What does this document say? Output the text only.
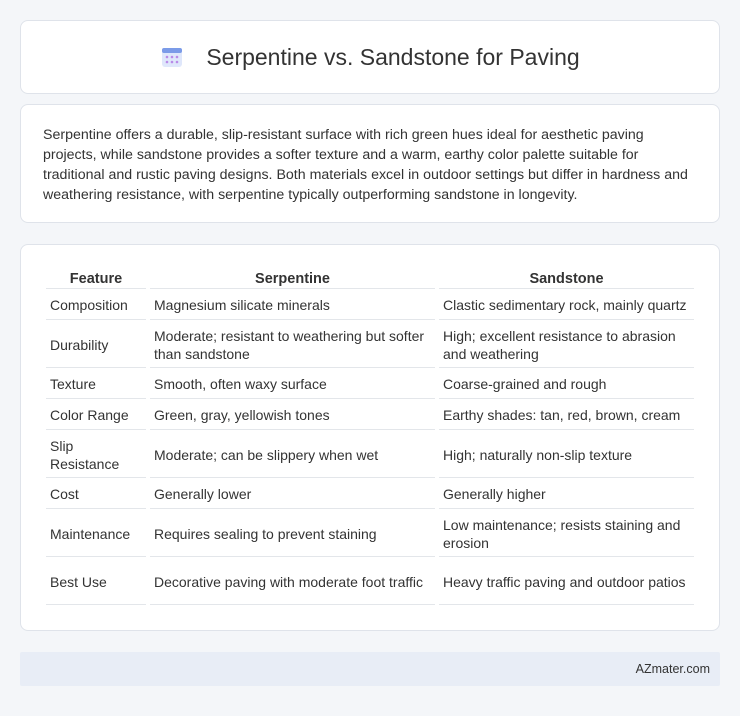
Serpentine vs. Sandstone for Paving

Serpentine offers a durable, slip-resistant surface with rich green hues ideal for aesthetic paving projects, while sandstone provides a softer texture and a warm, earthy color palette suitable for traditional and rustic paving designs. Both materials excel in outdoor settings but differ in hardness and weathering resistance, with serpentine typically outperforming sandstone in longevity.

Feature	Serpentine	Sandstone
Composition	Magnesium silicate minerals	Clastic sedimentary rock, mainly quartz
Durability	Moderate; resistant to weathering but softer than sandstone	High; excellent resistance to abrasion and weathering
Texture	Smooth, often waxy surface	Coarse-grained and rough
Color Range	Green, gray, yellowish tones	Earthy shades: tan, red, brown, cream
Slip Resistance	Moderate; can be slippery when wet	High; naturally non-slip texture
Cost	Generally lower	Generally higher
Maintenance	Requires sealing to prevent staining	Low maintenance; resists staining and erosion
Best Use	Decorative paving with moderate foot traffic	Heavy traffic paving and outdoor patios
AZmater.com
